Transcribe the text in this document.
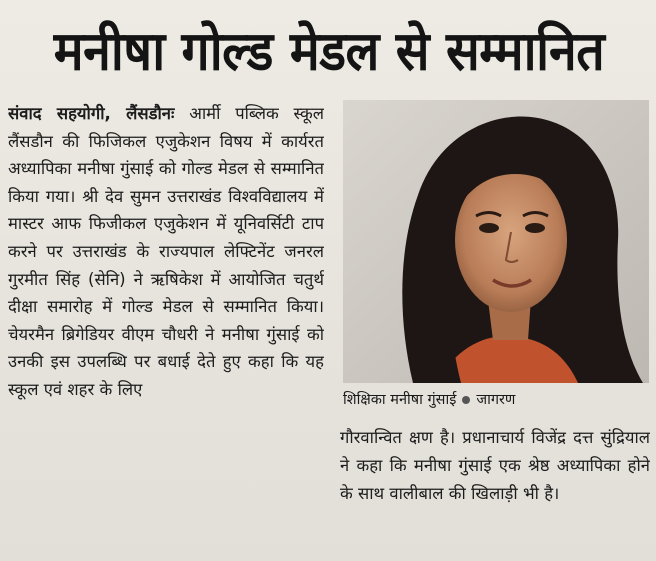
मनीषा गोल्ड मेडल से सम्मानित
संवाद सहयोगी, लैंसडौनः आर्मी पब्लिक स्कूल लैंसडौन की फिजिकल एजुकेशन विषय में कार्यरत अध्यापिका मनीषा गुंसाई को गोल्ड मेडल से सम्मानित किया गया। श्री देव सुमन उत्तराखंड विश्वविद्यालय में मास्टर आफ फिजीकल एजुकेशन में यूनिवर्सिटी टाप करने पर उत्तराखंड के राज्यपाल लेफ्टिनेंट जनरल गुरमीत सिंह (सेनि) ने ऋषिकेश में आयोजित चतुर्थ दीक्षा समारोह में गोल्ड मेडल से सम्मानित किया। चेयरमैन ब्रिगेडियर वीएम चौधरी ने मनीषा गुंसाई को उनकी इस उपलब्धि पर बधाई देते हुए कहा कि यह स्कूल एवं शहर के लिए
शिक्षिका मनीषा गुंसाई जागरण
गौरवान्वित क्षण है। प्रधानाचार्य विजेंद्र दत्त सुंद्रियाल ने कहा कि मनीषा गुंसाई एक श्रेष्ठ अध्यापिका होने के साथ वालीबाल की खिलाड़ी भी है।
